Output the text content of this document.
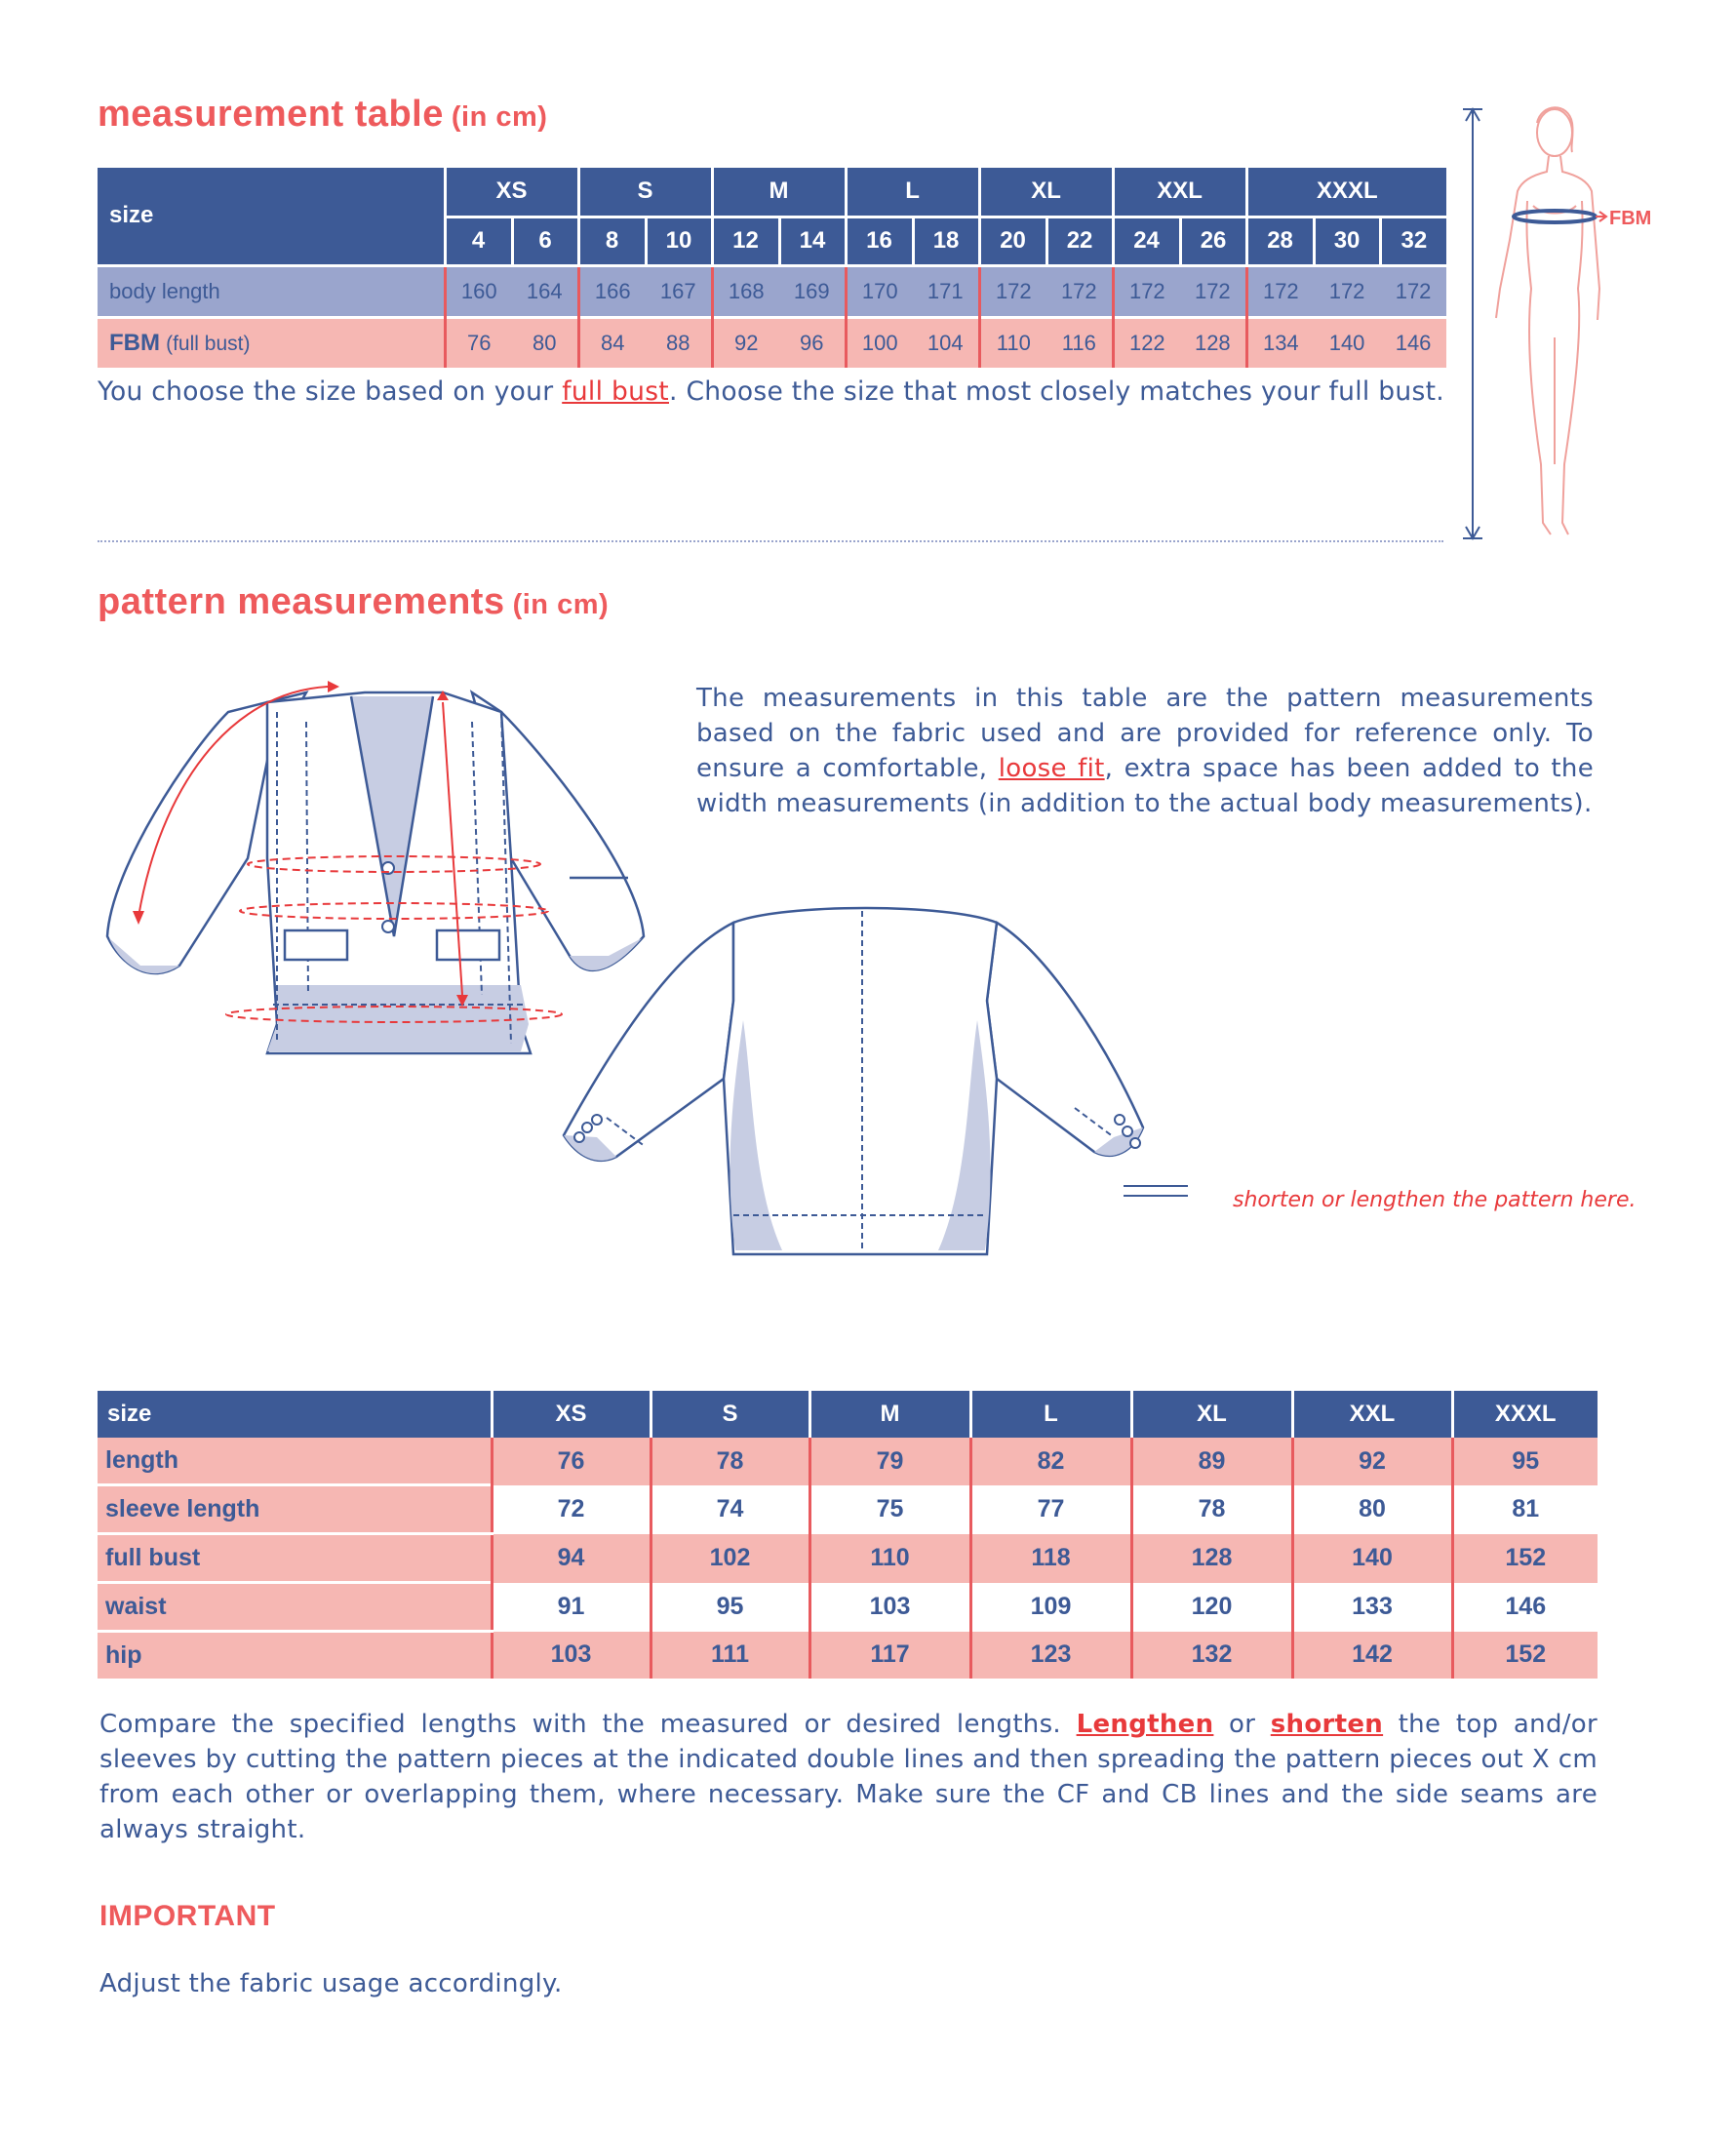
measurement table (in cm)
size	XS		S		M		L		XL		XXL		XXXL		
	4	6	8	10	12	14	16	18	20	22	24	26	28	30	32
body length	160	164	166	167	168	169	170	171	172	172	172	172	172	172	172
FBM (full bust)	76	80	84	88	92	96	100	104	110	116	122	128	134	140	146
You choose the size based on your full bust. Choose the size that most closely matches your full bust.
FBM
pattern measurements (in cm)
The measurements in this table are the pattern measurements based on the fabric used and are provided for reference only. To ensure a comfortable, loose fit, extra space has been added to the width measurements (in addition to the actual body measurements).
shorten or lengthen the pattern here.
size	XS	S	M	L	XL	XXL	XXXL
length	76	78	79	82	89	92	95
sleeve length	72	74	75	77	78	80	81
full bust	94	102	110	118	128	140	152
waist	91	95	103	109	120	133	146
hip	103	111	117	123	132	142	152
Compare the specified lengths with the measured or desired lengths. Lengthen or shorten the top and/or sleeves by cutting the pattern pieces at the indicated double lines and then spreading the pattern pieces out X cm from each other or overlapping them, where necessary. Make sure the CF and CB lines and the side seams are always straight.
IMPORTANT
Adjust the fabric usage accordingly.
